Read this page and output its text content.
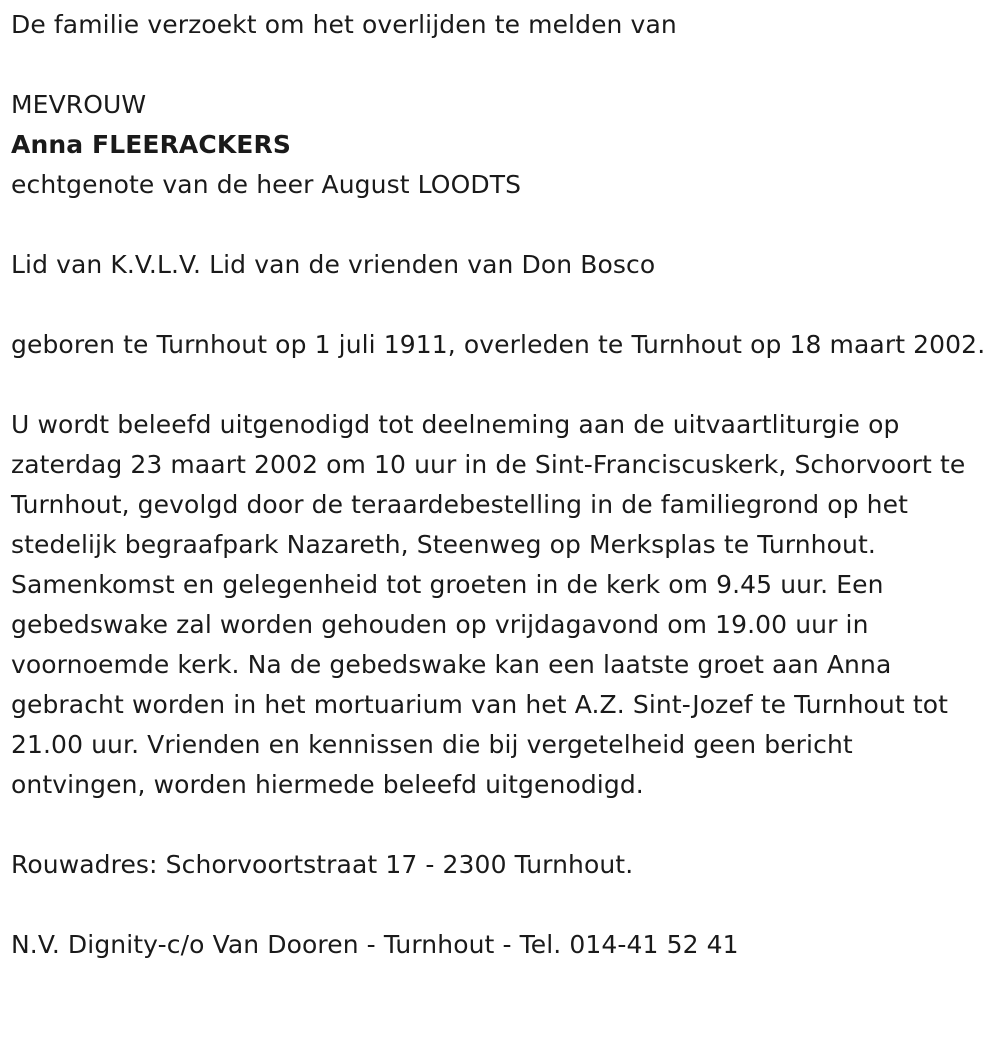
De familie verzoekt om het overlijden te melden van

MEVROUW

Anna FLEERACKERS

echtgenote van de heer August LOODTS

Lid van K.V.L.V. Lid van de vrienden van Don Bosco

geboren te Turnhout op 1 juli 1911, overleden te Turnhout op 18 maart 2002.

U wordt beleefd uitgenodigd tot deelneming aan de uitvaartliturgie op zaterdag 23 maart 2002 om 10 uur in de Sint-Franciscuskerk, Schorvoort te Turnhout, gevolgd door de teraardebestelling in de familiegrond op het stedelijk begraafpark Nazareth, Steenweg op Merksplas te Turnhout. Samenkomst en gelegenheid tot groeten in de kerk om 9.45 uur. Een gebedswake zal worden gehouden op vrijdagavond om 19.00 uur in voornoemde kerk. Na de gebedswake kan een laatste groet aan Anna gebracht worden in het mortuarium van het A.Z. Sint-Jozef te Turnhout tot 21.00 uur. Vrienden en kennissen die bij vergetelheid geen bericht ontvingen, worden hiermede beleefd uitgenodigd.

Rouwadres: Schorvoortstraat 17 - 2300 Turnhout.

N.V. Dignity-c/o Van Dooren - Turnhout - Tel. 014-41 52 41
